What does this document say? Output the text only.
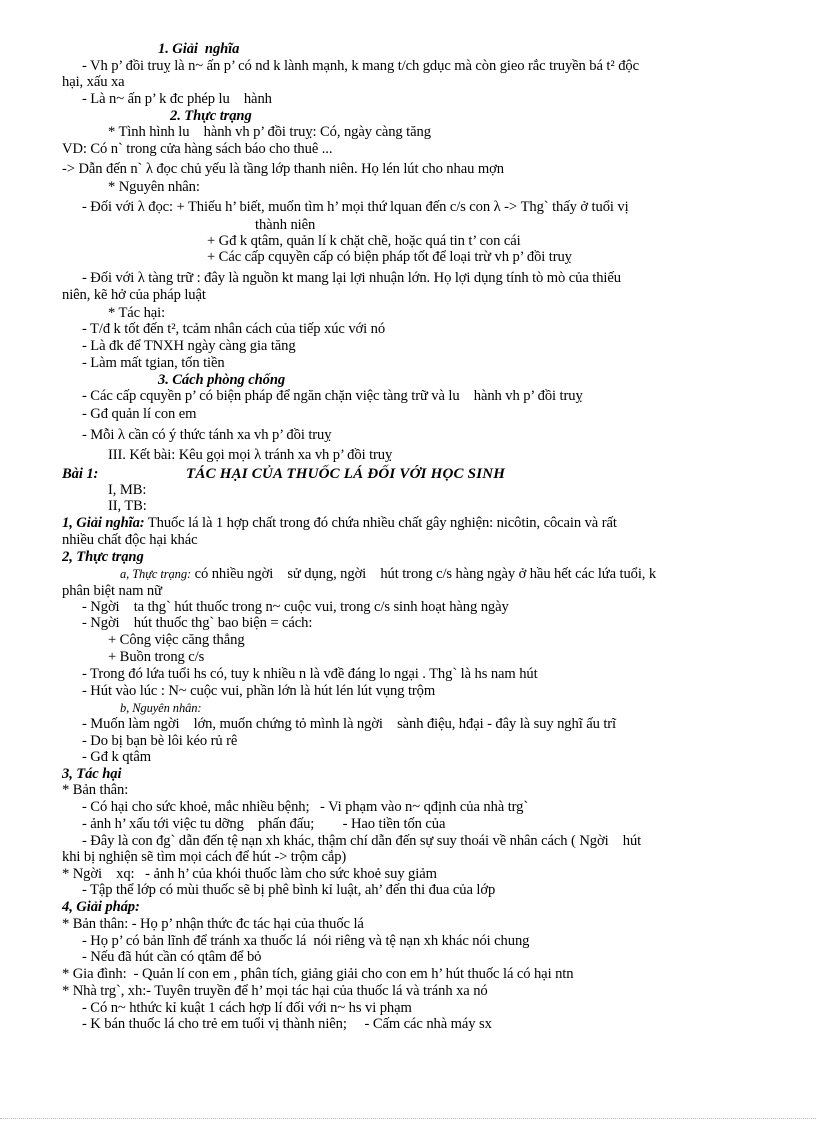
1. Giải  nghĩa
- Vh p’ đồi truỵ là n~ ấn p’ có nd k lành mạnh, k mang t/ch gdục mà còn gieo rắc truyền bá t² độc
hại, xấu xa
- Là n~ ấn p’ k đc phép lu    hành
2. Thực trạng
* Tình hình lu    hành vh p’ đồi truỵ: Có, ngày càng tăng
VD: Có n` trong cửa hàng sách báo cho thuê ...
-> Dẫn đến n` λ đọc chủ yếu là tầng lớp thanh niên. Họ lén lút cho nhau mợn
* Nguyên nhân:
- Đối với λ đọc: + Thiếu h’ biết, muốn tìm h’ mọi thứ lquan đến c/s con λ -> Thg` thấy ở tuổi vị
thành niên
+ Gđ k qtâm, quản lí k chặt chẽ, hoặc quá tin t’ con cái
+ Các cấp cquyền cấp có biện pháp tốt để loại trừ vh p’ đồi truỵ
- Đối với λ tàng trữ : đây là nguồn kt mang lại lợi nhuận lớn. Họ lợi dụng tính tò mò của thiếu
niên, kẽ hở của pháp luật
* Tác hại:
- T/đ k tốt đến t², tcảm nhân cách của tiếp xúc với nó
- Là đk để TNXH ngày càng gia tăng
- Làm mất tgian, tốn tiền
3. Cách phòng chống
- Các cấp cquyền p’ có biện pháp để ngăn chặn việc tàng trữ và lu    hành vh p’ đồi truỵ
- Gđ quản lí con em
- Mỗi λ cần có ý thức tánh xa vh p’ đồi truỵ
III. Kết bài: Kêu gọi mọi λ tránh xa vh p’ đồi truỵ
Bài 1:	TÁC HẠI CỦA THUỐC LÁ ĐỐI VỚI HỌC SINH
I, MB:
II, TB:
1, Giải nghĩa: Thuốc lá là 1 hợp chất trong đó chứa nhiều chất gây nghiện: nicôtin, côcain và rất
nhiều chất độc hại khác
2, Thực trạng
a, Thực trạng: có nhiều ngời    sử dụng, ngời    hút trong c/s hàng ngày ở hầu hết các lứa tuổi, k
phân biệt nam nữ
- Ngời    ta thg` hút thuốc trong n~ cuộc vui, trong c/s sinh hoạt hàng ngày
- Ngời    hút thuốc thg` bao biện = cách:
+ Công việc căng thẳng
+ Buồn trong c/s
- Trong đó lứa tuổi hs có, tuy k nhiều n là vđề đáng lo ngại . Thg` là hs nam hút
- Hút vào lúc : N~ cuộc vui, phần lớn là hút lén lút vụng trộm
b, Nguyên nhân:
- Muốn làm ngời    lớn, muốn chứng tỏ mình là ngời    sành điệu, hđại - đây là suy nghĩ ấu trĩ
- Do bị bạn bè lôi kéo rủ rê
- Gđ k qtâm
3, Tác hại
* Bản thân:
- Có hại cho sức khoẻ, mắc nhiều bệnh;   - Vi phạm vào n~ qđịnh của nhà trg`
- ảnh h’ xấu tới việc tu dỡng    phấn đấu;        - Hao tiền tốn của
- Đây là con đg` dẫn đến tệ nạn xh khác, thậm chí dẫn đến sự suy thoái về nhân cách ( Ngời    hút
khi bị nghiện sẽ tìm mọi cách để hút -> trộm cắp)
* Ngời    xq:   - ảnh h’ của khói thuốc làm cho sức khoẻ suy giảm
- Tập thể lớp có mùi thuốc sẽ bị phê bình kỉ luật, ah’ đến thi đua của lớp
4, Giải pháp:
* Bản thân: - Họ p’ nhận thức đc tác hại của thuốc lá
- Họ p’ có bản lĩnh để tránh xa thuốc lá  nói riêng và tệ nạn xh khác nói chung
- Nếu đã hút cần có qtâm để bỏ
* Gia đình:  - Quản lí con em , phân tích, giảng giải cho con em h’ hút thuốc lá có hại ntn
* Nhà trg`, xh:- Tuyên truyền để h’ mọi tác hại của thuốc lá và tránh xa nó
- Có n~ hthức kỉ kuật 1 cách hợp lí đối với n~ hs vi phạm
- K bán thuốc lá cho trẻ em tuổi vị thành niên;     - Cấm các nhà máy sx
